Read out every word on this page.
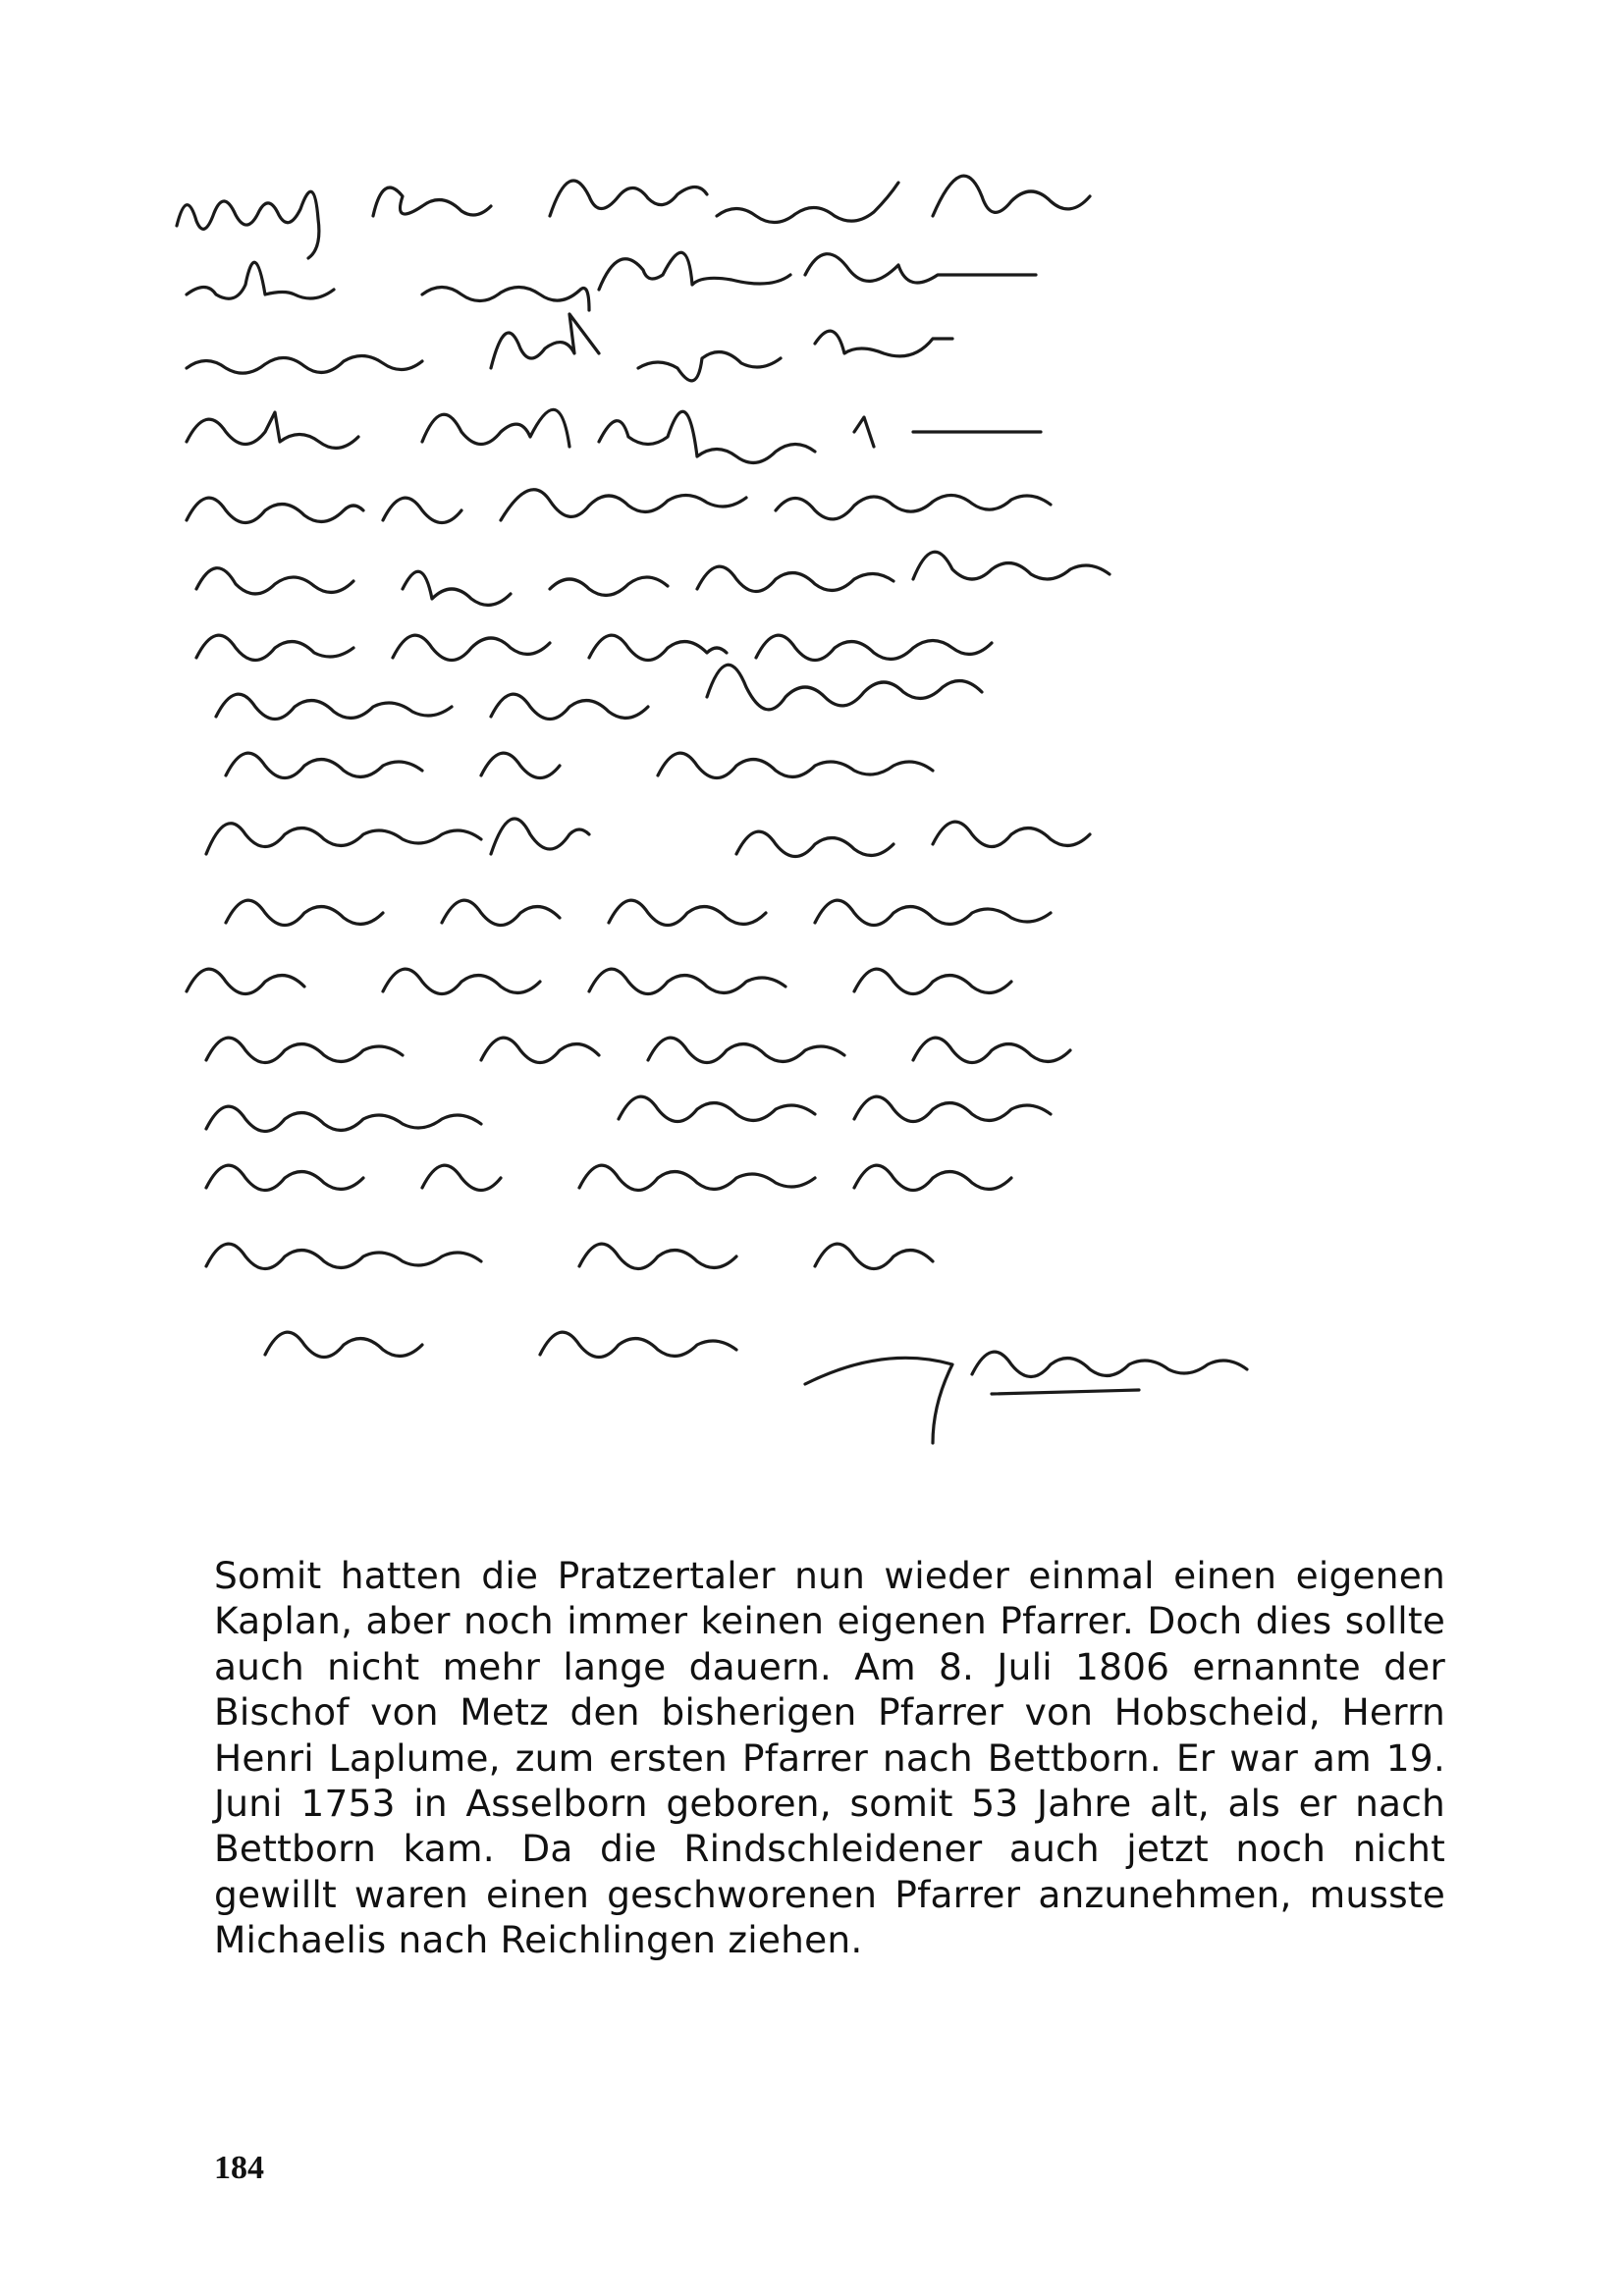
Somit hatten die Pratzertaler nun wieder einmal einen eigenen Kaplan, aber noch immer keinen eigenen Pfarrer. Doch dies sollte auch nicht mehr lange dauern. Am 8. Juli 1806 ernannte der Bischof von Metz den bisherigen Pfarrer von Hobscheid, Herrn Henri Laplume, zum ersten Pfarrer nach Bettborn. Er war am 19. Juni 1753 in Asselborn geboren, somit 53 Jahre alt, als er nach Bettborn kam. Da die Rindschleidener auch jetzt noch nicht gewillt waren einen geschworenen Pfarrer anzunehmen, musste Michaelis nach Reichlingen ziehen.

184
